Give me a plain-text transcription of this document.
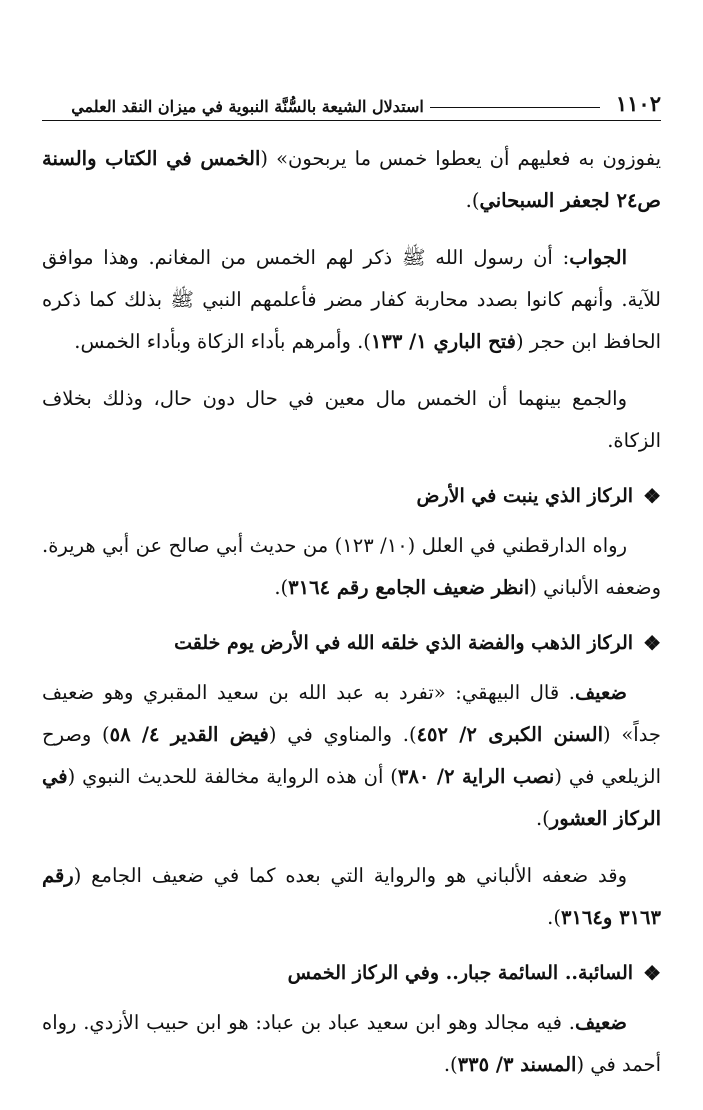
١١٠٢
استدلال الشيعة بالسُّنَّة النبوية في ميزان النقد العلمي

يفوزون به فعليهم أن يعطوا خمس ما يربحون» (الخمس في الكتاب والسنة ص٢٤ لجعفر السبحاني).

الجواب: أن رسول الله ﷺ ذكر لهم الخمس من المغانم. وهذا موافق للآية. وأنهم كانوا بصدد محاربة كفار مضر فأعلمهم النبي ﷺ بذلك كما ذكره الحافظ ابن حجر (فتح الباري ١/ ١٣٣). وأمرهم بأداء الزكاة وبأداء الخمس.

والجمع بينهما أن الخمس مال معين في حال دون حال، وذلك بخلاف الزكاة.

❖
الركاز الذي ينبت في الأرض

رواه الدارقطني في العلل (١٠/ ١٢٣) من حديث أبي صالح عن أبي هريرة. وضعفه الألباني (انظر ضعيف الجامع رقم ٣١٦٤).

❖
الركاز الذهب والفضة الذي خلقه الله في الأرض يوم خلقت

ضعيف. قال البيهقي: «تفرد به عبد الله بن سعيد المقبري وهو ضعيف جداً» (السنن الكبرى ٢/ ٤٥٢). والمناوي في (فيض القدير ٤/ ٥٨) وصرح الزيلعي في (نصب الراية ٢/ ٣٨٠) أن هذه الرواية مخالفة للحديث النبوي (في الركاز العشور).

وقد ضعفه الألباني هو والرواية التي بعده كما في ضعيف الجامع (رقم ٣١٦٣ و٣١٦٤).

❖
السائبة.. السائمة جبار.. وفي الركاز الخمس

ضعيف. فيه مجالد وهو ابن سعيد عباد بن عباد: هو ابن حبيب الأزدي. رواه أحمد في (المسند ٣/ ٣٣٥).
